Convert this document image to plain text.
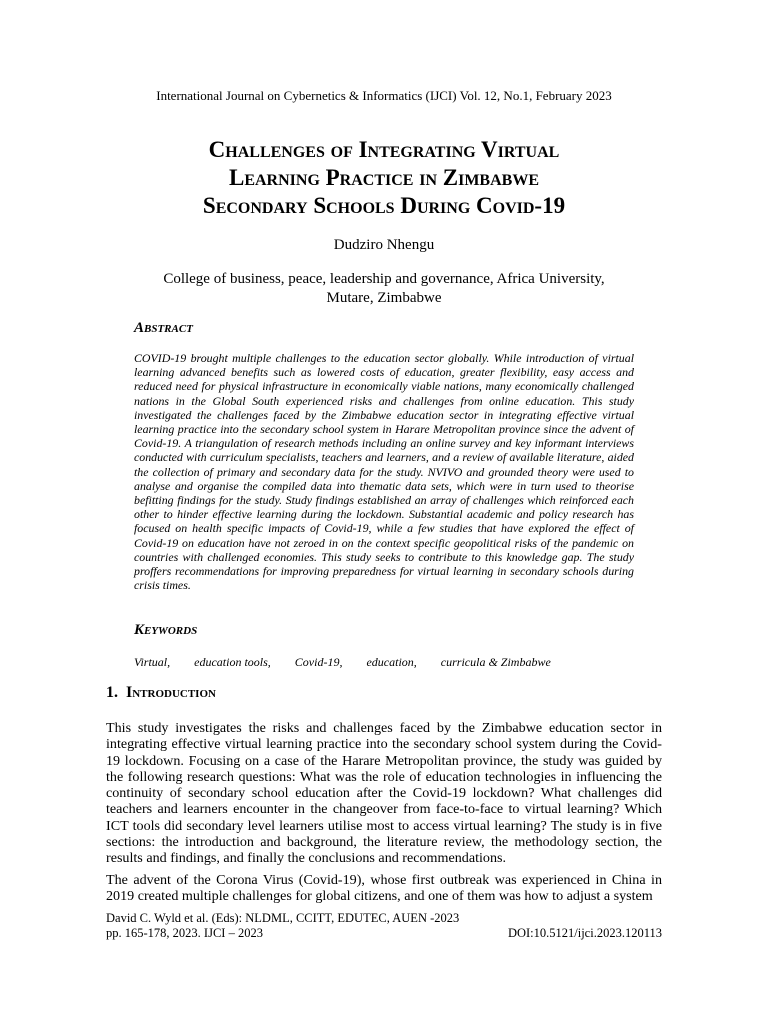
International Journal on Cybernetics & Informatics (IJCI) Vol. 12, No.1, February 2023
Challenges of Integrating Virtual
Learning Practice in Zimbabwe
Secondary Schools During Covid-19
Dudziro Nhengu
College of business, peace, leadership and governance, Africa University,
Mutare, Zimbabwe
Abstract
COVID-19 brought multiple challenges to the education sector globally. While introduction of virtual learning advanced benefits such as lowered costs of education, greater flexibility, easy access and reduced need for physical infrastructure in economically viable nations, many economically challenged nations in the Global South experienced risks and challenges from online education. This study investigated the challenges faced by the Zimbabwe education sector in integrating effective virtual learning practice into the secondary school system in Harare Metropolitan province since the advent of Covid-19. A triangulation of research methods including an online survey and key informant interviews conducted with curriculum specialists, teachers and learners, and a review of available literature, aided the collection of primary and secondary data for the study. NVIVO and grounded theory were used to analyse and organise the compiled data into thematic data sets, which were in turn used to theorise befitting findings for the study. Study findings established an array of challenges which reinforced each other to hinder effective learning during the lockdown. Substantial academic and policy research has focused on health specific impacts of Covid-19, while a few studies that have explored the effect of Covid-19 on education have not zeroed in on the context specific geopolitical risks of the pandemic on countries with challenged economies. This study seeks to contribute to this knowledge gap. The study proffers recommendations for improving preparedness for virtual learning in secondary schools during crisis times.
Keywords
Virtual, education tools, Covid-19, education, curricula & Zimbabwe
1. Introduction
This study investigates the risks and challenges faced by the Zimbabwe education sector in integrating effective virtual learning practice into the secondary school system during the Covid-19 lockdown. Focusing on a case of the Harare Metropolitan province, the study was guided by the following research questions: What was the role of education technologies in influencing the continuity of secondary school education after the Covid-19 lockdown? What challenges did teachers and learners encounter in the changeover from face-to-face to virtual learning? Which ICT tools did secondary level learners utilise most to access virtual learning? The study is in five sections: the introduction and background, the literature review, the methodology section, the results and findings, and finally the conclusions and recommendations.
The advent of the Corona Virus (Covid-19), whose first outbreak was experienced in China in 2019 created multiple challenges for global citizens, and one of them was how to adjust a system
David C. Wyld et al. (Eds): NLDML, CCITT, EDUTEC, AUEN -2023
pp. 165-178, 2023. IJCI – 2023	DOI:10.5121/ijci.2023.120113
